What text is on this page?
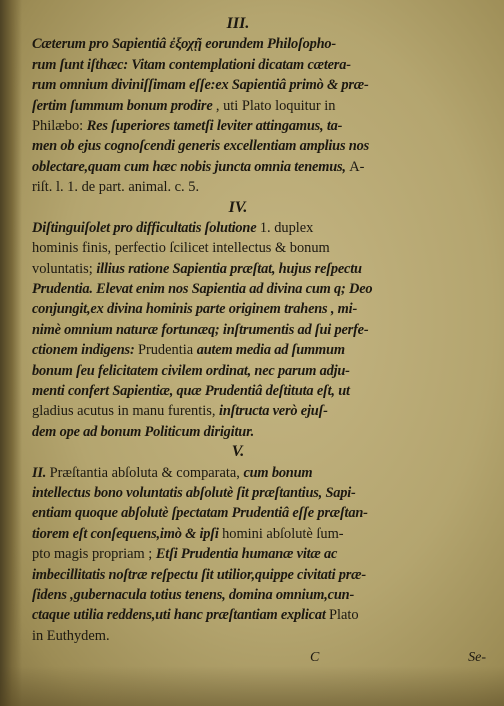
III.
Cæterum pro Sapientiâ ἐξοχῇ eorundem Philoſopho-
rum ſunt iſthæc: Vitam contemplationi dicatam cætera-
rum omnium diviniſſimam eſſe:ex Sapientiâ primò & præ-
ſertim ſummum bonum prodire , uti Plato loquitur in
Philæbo: Res ſuperiores tametſi leviter attingamus, ta-
men ob ejus cognoſcendi generis excellentiam amplius nos
oblectare,quam cum hæc nobis juncta omnia tenemus, A-
riſt. l. 1. de part. animal. c. 5.
IV.
Diſtinguiſolet pro difficultatis ſolutione 1. duplex
hominis finis, perfectio ſcilicet intellectus & bonum
voluntatis; illius ratione Sapientia præſtat, hujus reſpectu
Prudentia. Elevat enim nos Sapientia ad divina cum q; Deo
conjungit,ex divina hominis parte originem trahens , mi-
nimè omnium naturæ fortunæq; inſtrumentis ad ſui perfe-
ctionem indigens: Prudentia autem media ad ſummum
bonum ſeu felicitatem civilem ordinat, nec parum adju-
menti confert Sapientiæ, quæ Prudentiâ deſtituta eſt, ut
gladius acutus in manu furentis, inſtructa verò ejuſ-
dem ope ad bonum Politicum dirigitur.
V.
II. Præſtantia abſoluta & comparata, cum bonum
intellectus bono voluntatis abſolutè ſit præſtantius, Sapi-
entiam quoque abſolutè ſpectatam Prudentiâ eſſe præſtan-
tiorem eſt conſequens,imò & ipſi homini abſolutè ſum-
pto magis propriam ; Etſi Prudentia humanæ vitæ ac
imbecillitatis noſtræ reſpectu ſit utilior,quippe civitati præ-
ſidens ,gubernacula totius tenens, domina omnium,cun-
ctaque utilia reddens,uti hanc præſtantiam explicat Plato
in Euthydem.
C	Se-
